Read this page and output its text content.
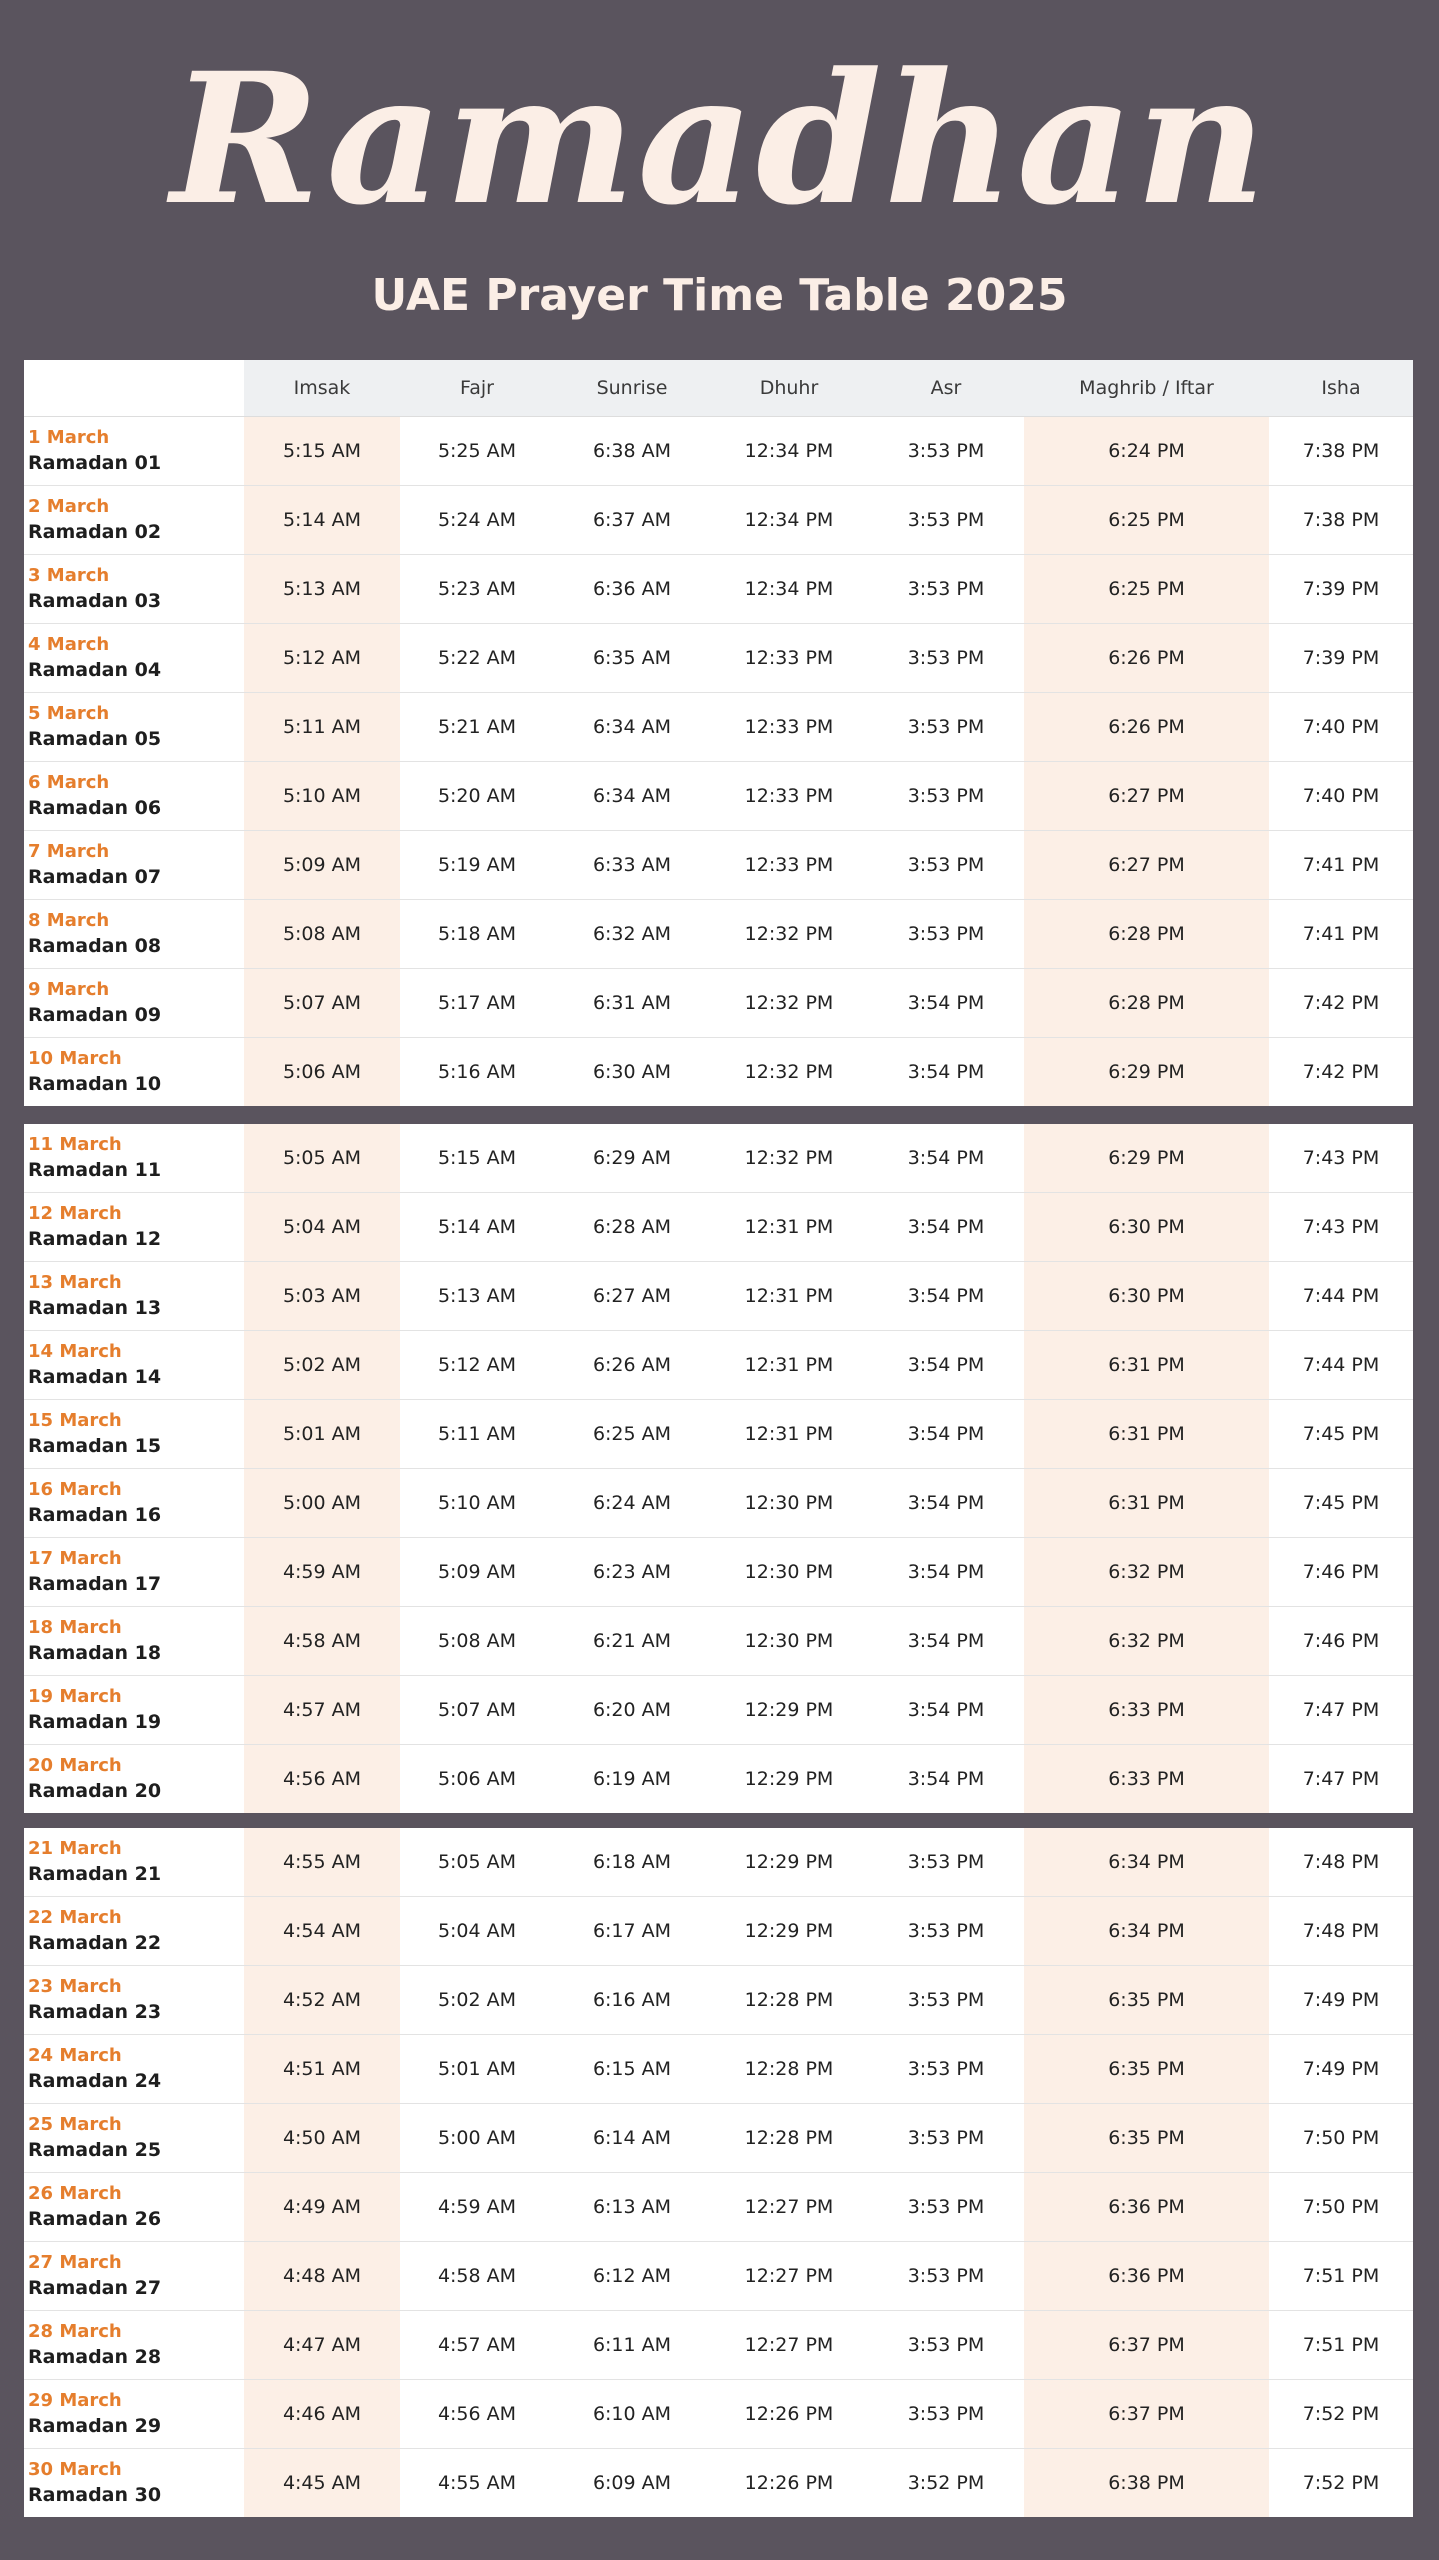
Ramadhan
UAE Prayer Time Table 2025
	Imsak	Fajr	Sunrise	Dhuhr	Asr	Maghrib / Iftar	Isha

1 March
Ramadan 01	5:15 AM	5:25 AM	6:38 AM	12:34 PM	3:53 PM	6:24 PM	7:38 PM

2 March
Ramadan 02	5:14 AM	5:24 AM	6:37 AM	12:34 PM	3:53 PM	6:25 PM	7:38 PM

3 March
Ramadan 03	5:13 AM	5:23 AM	6:36 AM	12:34 PM	3:53 PM	6:25 PM	7:39 PM

4 March
Ramadan 04	5:12 AM	5:22 AM	6:35 AM	12:33 PM	3:53 PM	6:26 PM	7:39 PM

5 March
Ramadan 05	5:11 AM	5:21 AM	6:34 AM	12:33 PM	3:53 PM	6:26 PM	7:40 PM

6 March
Ramadan 06	5:10 AM	5:20 AM	6:34 AM	12:33 PM	3:53 PM	6:27 PM	7:40 PM

7 March
Ramadan 07	5:09 AM	5:19 AM	6:33 AM	12:33 PM	3:53 PM	6:27 PM	7:41 PM

8 March
Ramadan 08	5:08 AM	5:18 AM	6:32 AM	12:32 PM	3:53 PM	6:28 PM	7:41 PM

9 March
Ramadan 09	5:07 AM	5:17 AM	6:31 AM	12:32 PM	3:54 PM	6:28 PM	7:42 PM

10 March
Ramadan 10	5:06 AM	5:16 AM	6:30 AM	12:32 PM	3:54 PM	6:29 PM	7:42 PM
11 March
Ramadan 11	5:05 AM	5:15 AM	6:29 AM	12:32 PM	3:54 PM	6:29 PM	7:43 PM

12 March
Ramadan 12	5:04 AM	5:14 AM	6:28 AM	12:31 PM	3:54 PM	6:30 PM	7:43 PM

13 March
Ramadan 13	5:03 AM	5:13 AM	6:27 AM	12:31 PM	3:54 PM	6:30 PM	7:44 PM

14 March
Ramadan 14	5:02 AM	5:12 AM	6:26 AM	12:31 PM	3:54 PM	6:31 PM	7:44 PM

15 March
Ramadan 15	5:01 AM	5:11 AM	6:25 AM	12:31 PM	3:54 PM	6:31 PM	7:45 PM

16 March
Ramadan 16	5:00 AM	5:10 AM	6:24 AM	12:30 PM	3:54 PM	6:31 PM	7:45 PM

17 March
Ramadan 17	4:59 AM	5:09 AM	6:23 AM	12:30 PM	3:54 PM	6:32 PM	7:46 PM

18 March
Ramadan 18	4:58 AM	5:08 AM	6:21 AM	12:30 PM	3:54 PM	6:32 PM	7:46 PM

19 March
Ramadan 19	4:57 AM	5:07 AM	6:20 AM	12:29 PM	3:54 PM	6:33 PM	7:47 PM

20 March
Ramadan 20	4:56 AM	5:06 AM	6:19 AM	12:29 PM	3:54 PM	6:33 PM	7:47 PM
21 March
Ramadan 21	4:55 AM	5:05 AM	6:18 AM	12:29 PM	3:53 PM	6:34 PM	7:48 PM

22 March
Ramadan 22	4:54 AM	5:04 AM	6:17 AM	12:29 PM	3:53 PM	6:34 PM	7:48 PM

23 March
Ramadan 23	4:52 AM	5:02 AM	6:16 AM	12:28 PM	3:53 PM	6:35 PM	7:49 PM

24 March
Ramadan 24	4:51 AM	5:01 AM	6:15 AM	12:28 PM	3:53 PM	6:35 PM	7:49 PM

25 March
Ramadan 25	4:50 AM	5:00 AM	6:14 AM	12:28 PM	3:53 PM	6:35 PM	7:50 PM

26 March
Ramadan 26	4:49 AM	4:59 AM	6:13 AM	12:27 PM	3:53 PM	6:36 PM	7:50 PM

27 March
Ramadan 27	4:48 AM	4:58 AM	6:12 AM	12:27 PM	3:53 PM	6:36 PM	7:51 PM

28 March
Ramadan 28	4:47 AM	4:57 AM	6:11 AM	12:27 PM	3:53 PM	6:37 PM	7:51 PM

29 March
Ramadan 29	4:46 AM	4:56 AM	6:10 AM	12:26 PM	3:53 PM	6:37 PM	7:52 PM

30 March
Ramadan 30	4:45 AM	4:55 AM	6:09 AM	12:26 PM	3:52 PM	6:38 PM	7:52 PM
